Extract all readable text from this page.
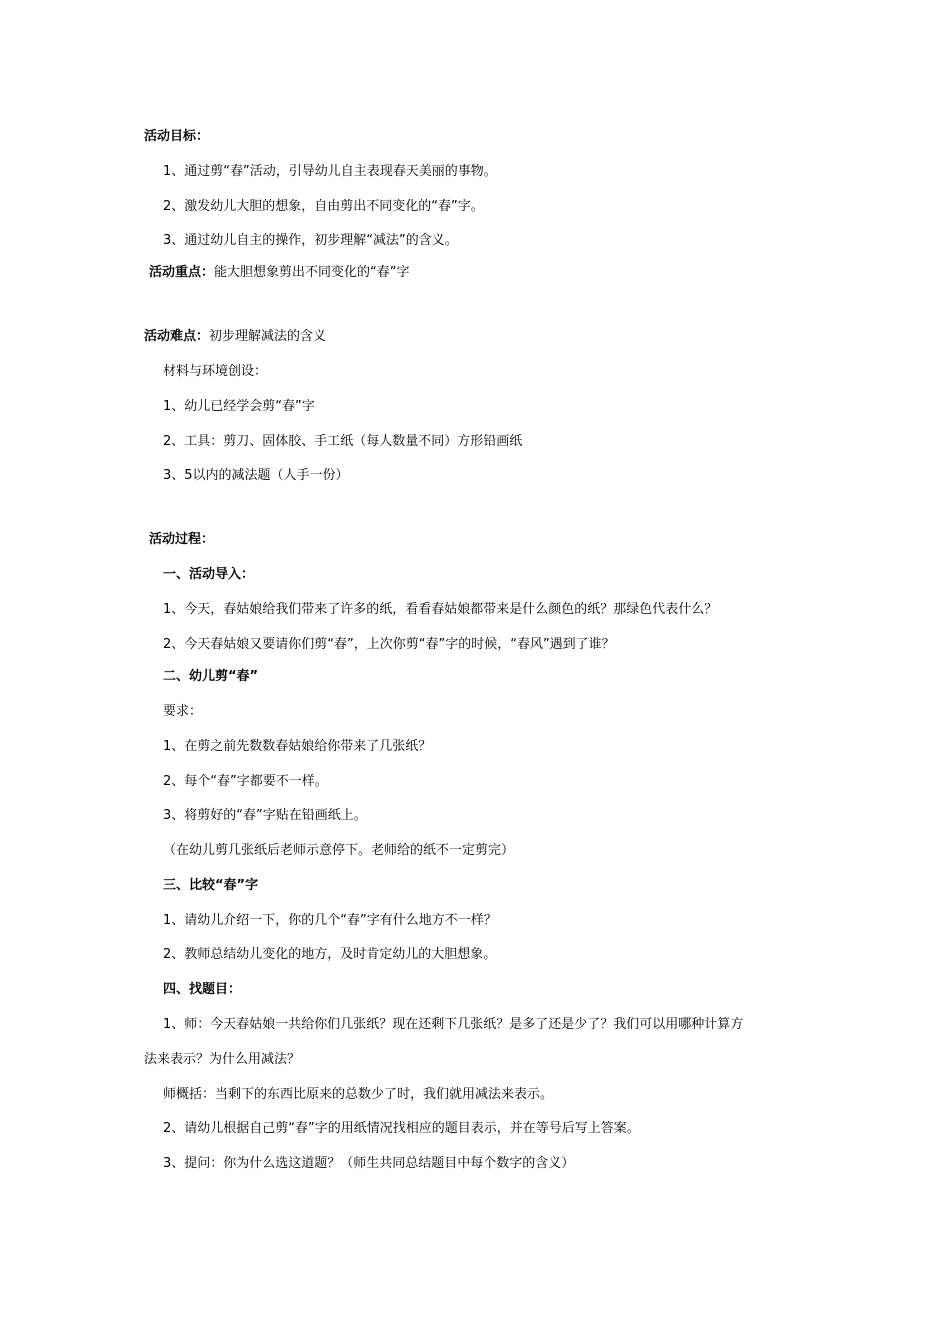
活动目标：
1、通过剪“春”活动，引导幼儿自主表现春天美丽的事物。
2、激发幼儿大胆的想象，自由剪出不同变化的“春”字。
3、通过幼儿自主的操作，初步理解“减法”的含义。
活动重点：能大胆想象剪出不同变化的“春”字
活动难点：初步理解减法的含义
材料与环境创设：
1、幼儿已经学会剪“春”字
2、工具：剪刀、固体胶、手工纸（每人数量不同）方形铅画纸
3、5以内的减法题（人手一份）
活动过程：
一、活动导入：
1、今天，春姑娘给我们带来了许多的纸，看看春姑娘都带来是什么颜色的纸？那绿色代表什么？
2、今天春姑娘又要请你们剪“春”，上次你剪“春”字的时候，“春风”遇到了谁？
二、幼儿剪“春”
要求：
1、在剪之前先数数春姑娘给你带来了几张纸？
2、每个“春”字都要不一样。
3、将剪好的“春”字贴在铅画纸上。
（在幼儿剪几张纸后老师示意停下。老师给的纸不一定剪完）
三、比较“春”字
1、请幼儿介绍一下，你的几个“春”字有什么地方不一样？
2、教师总结幼儿变化的地方，及时肯定幼儿的大胆想象。
四、找题目：
1、师：今天春姑娘一共给你们几张纸？现在还剩下几张纸？是多了还是少了？我们可以用哪种计算方
法来表示？为什么用减法？
师概括：当剩下的东西比原来的总数少了时，我们就用减法来表示。
2、请幼儿根据自己剪“春”字的用纸情况找相应的题目表示，并在等号后写上答案。
3、提问：你为什么选这道题？（师生共同总结题目中每个数字的含义）
